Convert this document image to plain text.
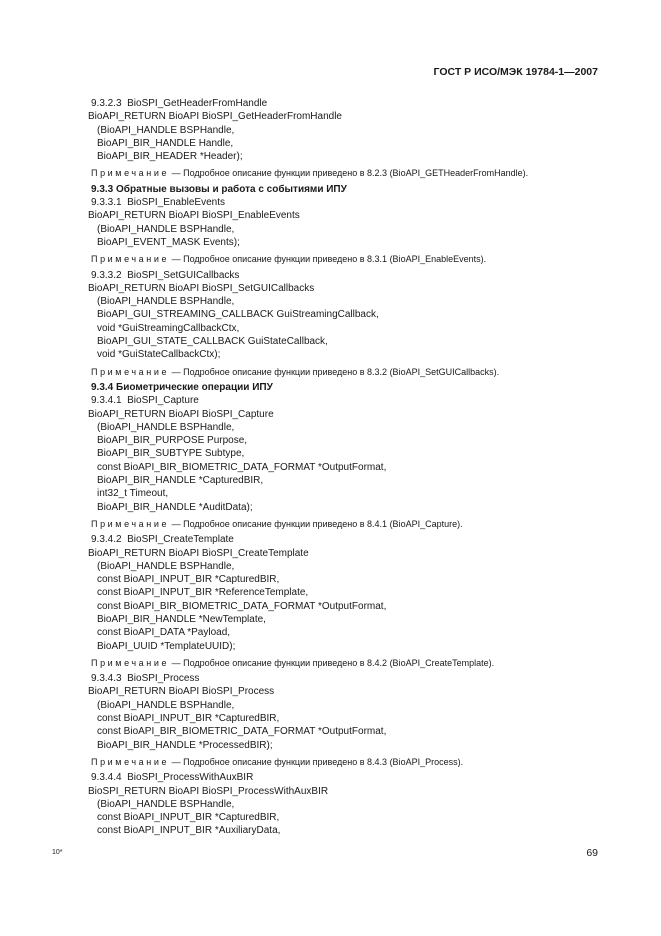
ГОСТ Р ИСО/МЭК 19784-1—2007
9.3.2.3  BioSPI_GetHeaderFromHandle
BioAPI_RETURN BioAPI BioSPI_GetHeaderFromHandle
(BioAPI_HANDLE BSPHandle,
BioAPI_BIR_HANDLE Handle,
BioAPI_BIR_HEADER *Header);
Примечание — Подробное описание функции приведено в 8.2.3 (BioAPI_GETHeaderFromHandle).
9.3.3 Обратные вызовы и работа с событиями ИПУ
9.3.3.1  BioSPI_EnableEvents
BioAPI_RETURN BioAPI BioSPI_EnableEvents
(BioAPI_HANDLE BSPHandle,
BioAPI_EVENT_MASK Events);
Примечание — Подробное описание функции приведено в 8.3.1 (BioAPI_EnableEvents).
9.3.3.2  BioSPI_SetGUICallbacks
BioAPI_RETURN BioAPI BioSPI_SetGUICallbacks
(BioAPI_HANDLE BSPHandle,
BioAPI_GUI_STREAMING_CALLBACK GuiStreamingCallback,
void *GuiStreamingCallbackCtx,
BioAPI_GUI_STATE_CALLBACK GuiStateCallback,
void *GuiStateCallbackCtx);
Примечание — Подробное описание функции приведено в 8.3.2 (BioAPI_SetGUICallbacks).
9.3.4 Биометрические операции ИПУ
9.3.4.1  BioSPI_Capture
BioAPI_RETURN BioAPI BioSPI_Capture
(BioAPI_HANDLE BSPHandle,
BioAPI_BIR_PURPOSE Purpose,
BioAPI_BIR_SUBTYPE Subtype,
const BioAPI_BIR_BIOMETRIC_DATA_FORMAT *OutputFormat,
BioAPI_BIR_HANDLE *CapturedBIR,
int32_t Timeout,
BioAPI_BIR_HANDLE *AuditData);
Примечание — Подробное описание функции приведено в 8.4.1 (BioAPI_Capture).
9.3.4.2  BioSPI_CreateTemplate
BioAPI_RETURN BioAPI BioSPI_CreateTemplate
(BioAPI_HANDLE BSPHandle,
const BioAPI_INPUT_BIR *CapturedBIR,
const BioAPI_INPUT_BIR *ReferenceTemplate,
const BioAPI_BIR_BIOMETRIC_DATA_FORMAT *OutputFormat,
BioAPI_BIR_HANDLE *NewTemplate,
const BioAPI_DATA *Payload,
BioAPI_UUID *TemplateUUID);
Примечание — Подробное описание функции приведено в 8.4.2 (BioAPI_CreateTemplate).
9.3.4.3  BioSPI_Process
BioAPI_RETURN BioAPI BioSPI_Process
(BioAPI_HANDLE BSPHandle,
const BioAPI_INPUT_BIR *CapturedBIR,
const BioAPI_BIR_BIOMETRIC_DATA_FORMAT *OutputFormat,
BioAPI_BIR_HANDLE *ProcessedBIR);
Примечание — Подробное описание функции приведено в 8.4.3 (BioAPI_Process).
9.3.4.4  BioSPI_ProcessWithAuxBIR
BioSPI_RETURN BioAPI BioSPI_ProcessWithAuxBIR
(BioAPI_HANDLE BSPHandle,
const BioAPI_INPUT_BIR *CapturedBIR,
const BioAPI_INPUT_BIR *AuxiliaryData,
10*	69
